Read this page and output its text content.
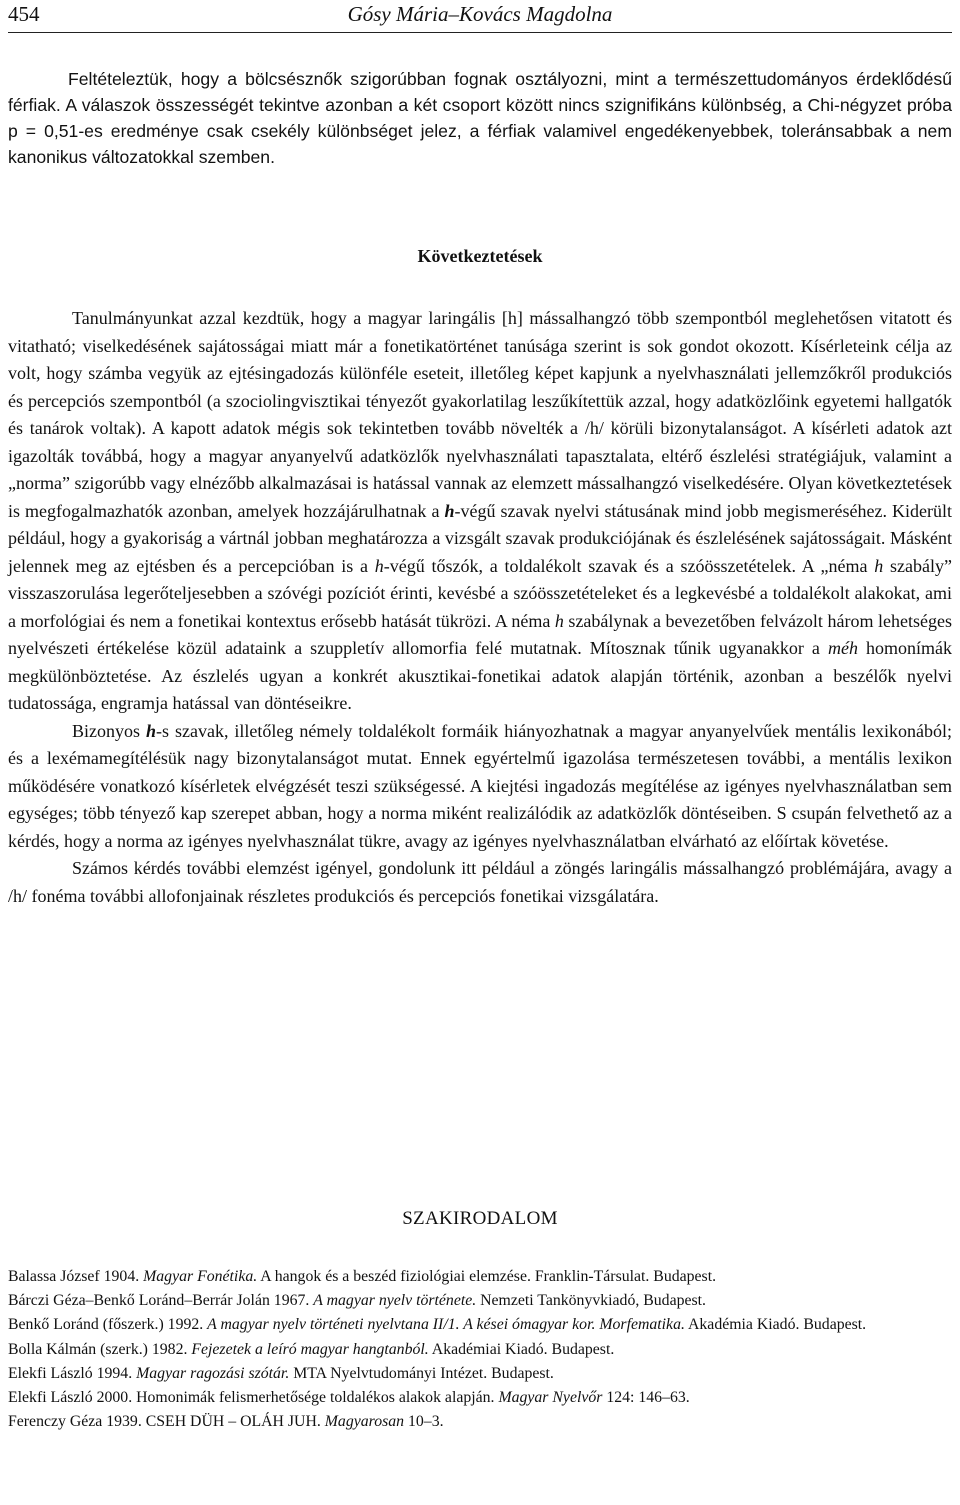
454	Gósy Mária–Kovács Magdolna

Feltételeztük, hogy a bölcsésznők szigorúbban fognak osztályozni, mint a természettudományos érdeklődésű férfiak. A válaszok összességét tekintve azonban a két csoport között nincs szignifikáns különbség, a Chi-négyzet próba p = 0,51-es eredménye csak csekély különbséget jelez, a férfiak valamivel engedékenyebbek, toleránsabbak a nem kanonikus változatokkal szemben.

Következtetések

Tanulmányunkat azzal kezdtük, hogy a magyar laringális [h] mássalhangzó több szempontból meglehetősen vitatott és vitatható; viselkedésének sajátosságai miatt már a fonetikatörténet tanúsága szerint is sok gondot okozott. Kísérleteink célja az volt, hogy számba vegyük az ejtésingadozás különféle eseteit, illetőleg képet kapjunk a nyelvhasználati jellemzőkről produkciós és percepciós szempontból (a szociolingvisztikai tényezőt gyakorlatilag leszűkítettük azzal, hogy adatközlőink egyetemi hallgatók és tanárok voltak). A kapott adatok mégis sok tekintetben tovább növelték a /h/ körüli bizonytalanságot. A kísérleti adatok azt igazolták továbbá, hogy a magyar anyanyelvű adatközlők nyelvhasználati tapasztalata, eltérő észlelési stratégiájuk, valamint a „norma” szigorúbb vagy elnézőbb alkalmazásai is hatással vannak az elemzett mássalhangzó viselkedésére. Olyan következtetések is megfogalmazhatók azonban, amelyek hozzájárulhatnak a h-végű szavak nyelvi státusának mind jobb megismeréséhez. Kiderült például, hogy a gyakoriság a vártnál jobban meghatározza a vizsgált szavak produkciójának és észlelésének sajátosságait. Másként jelennek meg az ejtésben és a percepcióban is a h-végű tőszók, a toldalékolt szavak és a szóösszetételek. A „néma h szabály” visszaszorulása legerőteljesebben a szóvégi pozíciót érinti, kevésbé a szóösszetételeket és a legkevésbé a toldalékolt alakokat, ami a morfológiai és nem a fonetikai kontextus erősebb hatását tükrözi. A néma h szabálynak a bevezetőben felvázolt három lehetséges nyelvészeti értékelése közül adataink a szuppletív allomorfia felé mutatnak. Mítosznak tűnik ugyanakkor a méh homonímák megkülönböztetése. Az észlelés ugyan a konkrét akusztikai-fonetikai adatok alapján történik, azonban a beszélők nyelvi tudatossága, engramja hatással van döntéseikre.

Bizonyos h-s szavak, illetőleg némely toldalékolt formáik hiányozhatnak a magyar anyanyelvűek mentális lexikonából; és a lexémamegítélésük nagy bizonytalanságot mutat. Ennek egyértelmű igazolása természetesen további, a mentális lexikon működésére vonatkozó kísérletek elvégzését teszi szükségessé. A kiejtési ingadozás megítélése az igényes nyelvhasználatban sem egységes; több tényező kap szerepet abban, hogy a norma miként realizálódik az adatközlők döntéseiben. S csupán felvethető az a kérdés, hogy a norma az igényes nyelvhasználat tükre, avagy az igényes nyelvhasználatban elvárható az előírtak követése.

Számos kérdés további elemzést igényel, gondolunk itt például a zöngés laringális mássalhangzó problémájára, avagy a /h/ fonéma további allofonjainak részletes produkciós és percepciós fonetikai vizsgálatára.

SZAKIRODALOM
Balassa József 1904. Magyar Fonétika. A hangok és a beszéd fiziológiai elemzése. Franklin-Társulat. Budapest.
Bárczi Géza–Benkő Loránd–Berrár Jolán 1967. A magyar nyelv története. Nemzeti Tankönyvkiadó, Budapest.
Benkő Loránd (főszerk.) 1992. A magyar nyelv történeti nyelvtana II/1. A kései ómagyar kor. Morfematika. Akadémia Kiadó. Budapest.
Bolla Kálmán (szerk.) 1982. Fejezetek a leíró magyar hangtanból. Akadémiai Kiadó. Budapest.
Elekfi László 1994. Magyar ragozási szótár. MTA Nyelvtudományi Intézet. Budapest.
Elekfi László 2000. Homonimák felismerhetősége toldalékos alakok alapján. Magyar Nyelvőr 124: 146–63.
Ferenczy Géza 1939. CSEH DÜH – OLÁH JUH. Magyarosan 10–3.
